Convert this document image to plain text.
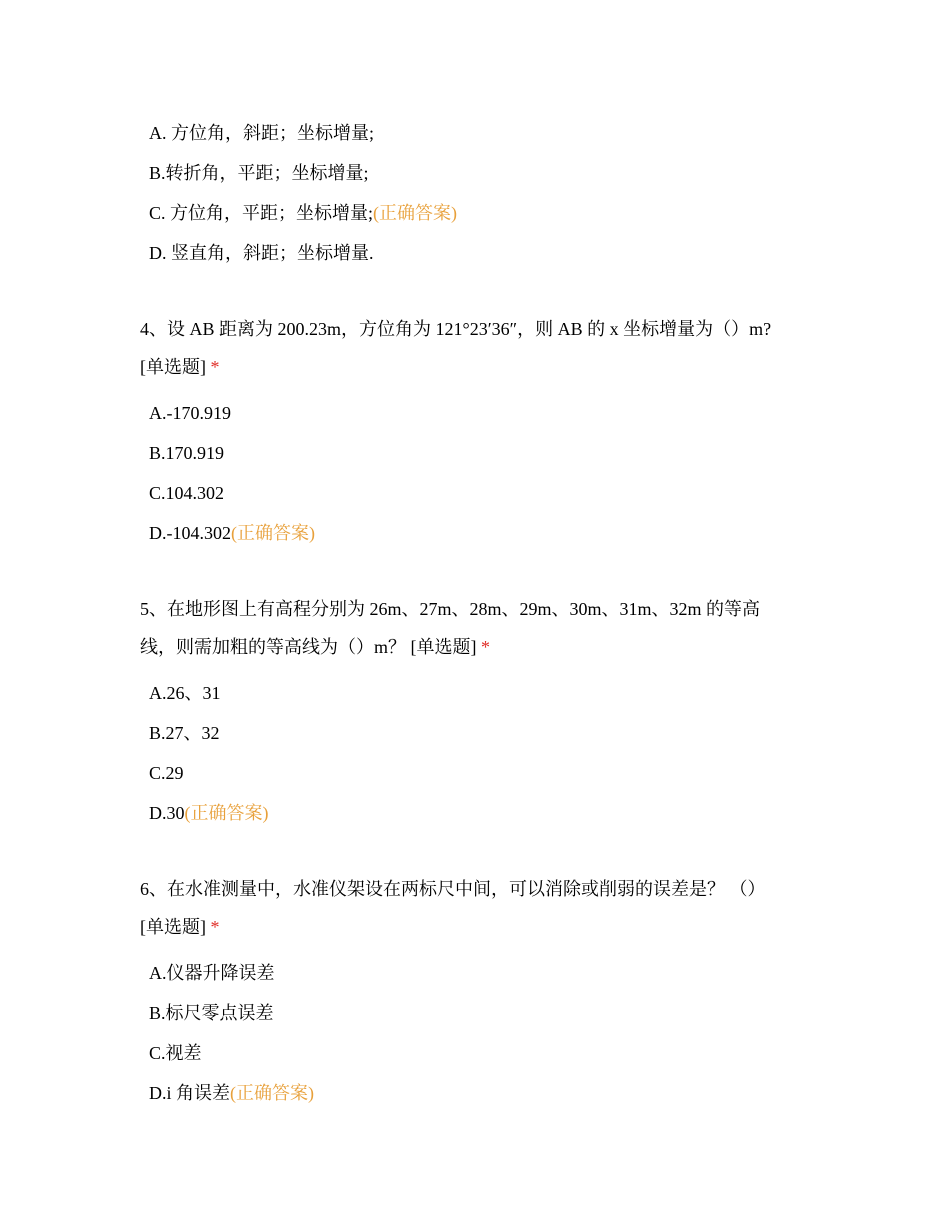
A. 方位角，斜距；坐标增量;
B.转折角，平距；坐标增量;
C. 方位角，平距；坐标增量;(正确答案)
D. 竖直角，斜距；坐标增量.
4、设 AB 距离为 200.23m，方位角为 121°23′36″，则 AB 的 x 坐标增量为（）m?
[单选题] *
A.-170.919
B.170.919
C.104.302
D.-104.302(正确答案)
5、在地形图上有高程分别为 26m、27m、28m、29m、30m、31m、32m 的等高
线，则需加粗的等高线为（）m？ [单选题] *
A.26、31
B.27、32
C.29
D.30(正确答案)
6、在水准测量中，水准仪架设在两标尺中间，可以消除或削弱的误差是？ （）
[单选题] *
A.仪器升降误差
B.标尺零点误差
C.视差
D.i 角误差(正确答案)
